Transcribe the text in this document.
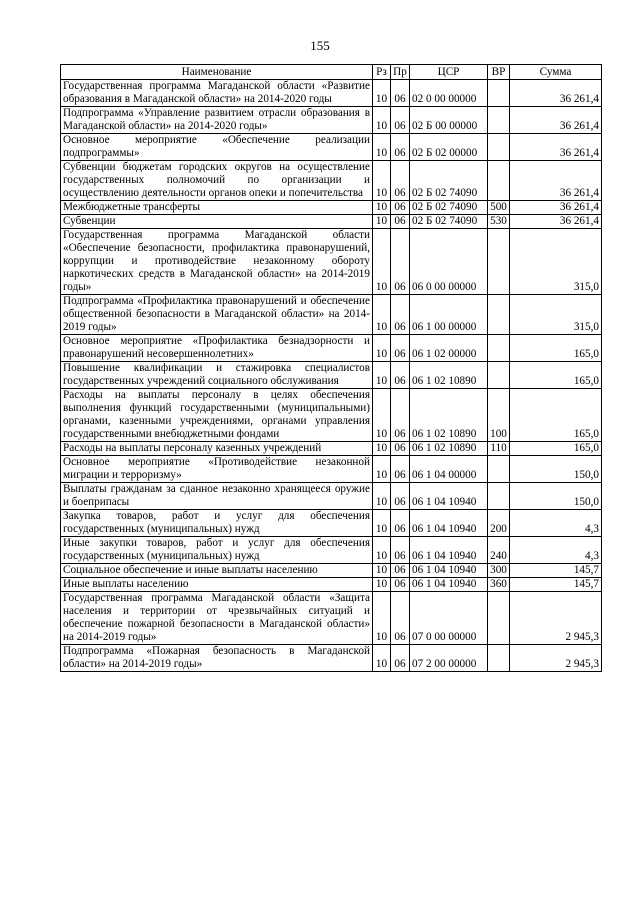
155
Наименование	Рз	Пр	ЦСР	ВР	Сумма
Государственная программа Магаданской области «Развитие образования в Магаданской области» на 2014-2020 годы	10	06	02 0 00 00000		36 261,4
Подпрограмма «Управление развитием отрасли образования в Магаданской области» на 2014-2020 годы»	10	06	02 Б 00 00000		36 261,4
Основное мероприятие «Обеспечение реализации подпрограммы»	10	06	02 Б 02 00000		36 261,4
Субвенции бюджетам городских округов на осуществление государственных полномочий по организации и осуществлению деятельности органов опеки и попечительства	10	06	02 Б 02 74090		36 261,4
Межбюджетные трансферты	10	06	02 Б 02 74090	500	36 261,4
Субвенции	10	06	02 Б 02 74090	530	36 261,4
Государственная программа Магаданской области «Обеспечение безопасности, профилактика правонарушений, коррупции и противодействие незаконному обороту наркотических средств в Магаданской области» на 2014-2019 годы»	10	06	06 0 00 00000		315,0
Подпрограмма «Профилактика правонарушений и обеспечение общественной безопасности в Магаданской области» на 2014-2019 годы»	10	06	06 1 00 00000		315,0
Основное мероприятие «Профилактика безнадзорности и правонарушений несовершеннолетних»	10	06	06 1 02 00000		165,0
Повышение квалификации и стажировка специалистов государственных учреждений социального обслуживания	10	06	06 1 02 10890		165,0
Расходы на выплаты персоналу в целях обеспечения выполнения функций государственными (муниципальными) органами, казенными учреждениями, органами управления государственными внебюджетными фондами	10	06	06 1 02 10890	100	165,0
Расходы на выплаты персоналу казенных учреждений	10	06	06 1 02 10890	110	165,0
Основное мероприятие «Противодействие незаконной миграции и терроризму»	10	06	06 1 04 00000		150,0
Выплаты гражданам за сданное незаконно хранящееся оружие и боеприпасы	10	06	06 1 04 10940		150,0
Закупка товаров, работ и услуг для обеспечения государственных (муниципальных) нужд	10	06	06 1 04 10940	200	4,3
Иные закупки товаров, работ и услуг для обеспечения государственных (муниципальных) нужд	10	06	06 1 04 10940	240	4,3
Социальное обеспечение и иные выплаты населению	10	06	06 1 04 10940	300	145,7
Иные выплаты населению	10	06	06 1 04 10940	360	145,7
Государственная программа Магаданской области «Защита населения и территории от чрезвычайных ситуаций и обеспечение пожарной безопасности в Магаданской области» на 2014-2019 годы»	10	06	07 0 00 00000		2 945,3
Подпрограмма «Пожарная безопасность в Магаданской области» на 2014-2019 годы»	10	06	07 2 00 00000		2 945,3
